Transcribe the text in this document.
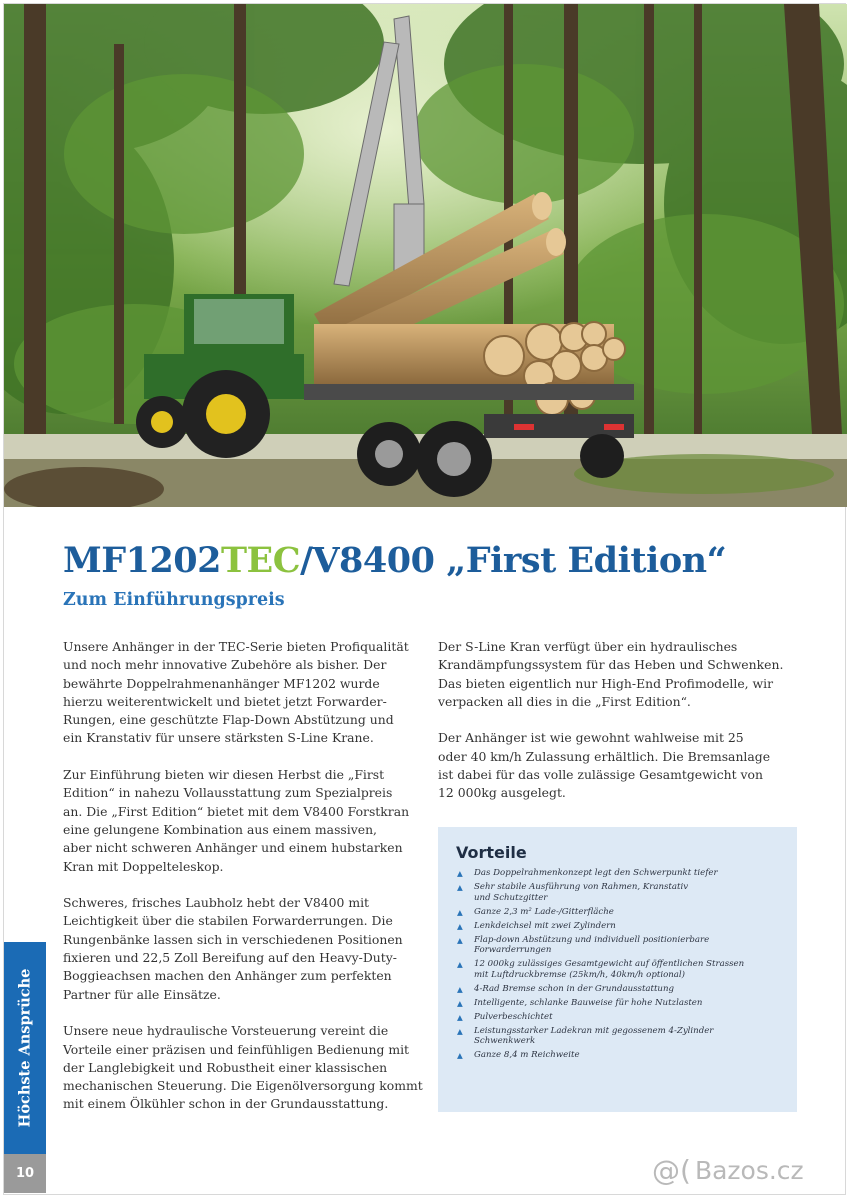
MF1202TEC/V8400 „First Edition“
Zum Einführungspreis

Unsere Anhänger in der TEC-Serie bieten Profiqualität
und noch mehr innovative Zubehöre als bisher. Der
bewährte Doppelrahmenanhänger MF1202 wurde
hierzu weiterentwickelt und bietet jetzt Forwarder-
Rungen, eine geschützte Flap-Down Abstützung und
ein Kranstativ für unsere stärksten S-Line Krane.

Zur Einführung bieten wir diesen Herbst die „First
Edition“ in nahezu Vollausstattung zum Spezialpreis
an. Die „First Edition“ bietet mit dem V8400 Forstkran
eine gelungene Kombination aus einem massiven,
aber nicht schweren Anhänger und einem hubstarken
Kran mit Doppelteleskop.

Schweres, frisches Laubholz hebt der V8400 mit
Leichtigkeit über die stabilen Forwarderrungen. Die
Rungenbänke lassen sich in verschiedenen Positionen
fixieren und 22,5 Zoll Bereifung auf den Heavy-Duty-
Boggieachsen machen den Anhänger zum perfekten
Partner für alle Einsätze.

Unsere neue hydraulische Vorsteuerung vereint die
Vorteile einer präzisen und feinfühligen Bedienung mit
der Langlebigkeit und Robustheit einer klassischen
mechanischen Steuerung. Die Eigenölversorgung kommt
mit einem Ölkühler schon in der Grundausstattung.

Der S-Line Kran verfügt über ein hydraulisches
Krandämpfungssystem für das Heben und Schwenken.
Das bieten eigentlich nur High-End Profimodelle, wir
verpacken all dies in die „First Edition“.

Der Anhänger ist wie gewohnt wahlweise mit 25
oder 40 km/h Zulassung erhältlich. Die Bremsanlage
ist dabei für das volle zulässige Gesamtgewicht von
12 000kg ausgelegt.

Vorteile
▲ Das Doppelrahmenkonzept legt den Schwerpunkt tiefer
▲ Sehr stabile Ausführung von Rahmen, Kranstativ
und Schutzgitter
▲ Ganze 2,3 m² Lade-/Gitterfläche
▲ Lenkdeichsel mit zwei Zylindern
▲ Flap-down Abstützung und individuell positionierbare
Forwarderrungen
▲ 12 000kg zulässiges Gesamtgewicht auf öffentlichen Strassen
mit Luftdruckbremse (25km/h, 40km/h optional)
▲ 4-Rad Bremse schon in der Grundausstattung
▲ Intelligente, schlanke Bauweise für hohe Nutzlasten
▲ Pulverbeschichtet
▲ Leistungsstarker Ladekran mit gegossenem 4-Zylinder
Schwenkwerk
▲ Ganze 8,4 m Reichweite
Höchste Ansprüche
10	@( Bazos.cz
